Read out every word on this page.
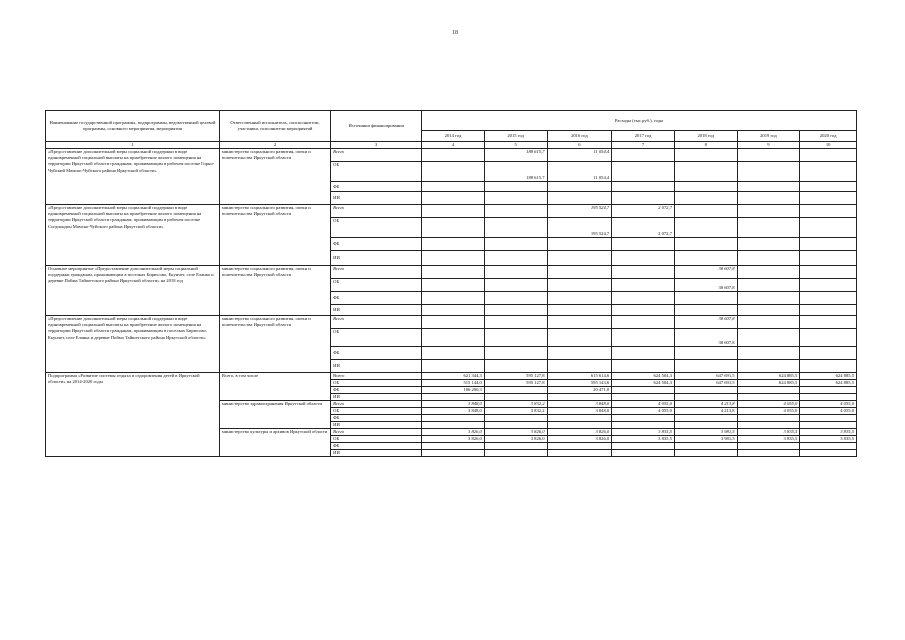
18
Наименование государственной программы, подпрограммы, ведомственной целевой программы, основного мероприятия, мероприятия	Ответственный исполнитель, соисполнители, участники, исполнители мероприятий	Источники финансирования	Расходы (тыс.руб.), годы						
			2014 год	2015 год	2016 год	2017 год	2018 год	2019 год	2020 год
1	2	3	4	5	6	7	8	9	10
«Предоставление дополнительной меры социальной поддержки в виде единовременной социальной выплаты на приобретение жилого помещения на территории Иркутской области гражданам, проживающим в рабочем поселке Горно-Чуйский Мамско-Чуйского района Иркутской области»	министерство социального развития, опеки и попечительства Иркутской области	Всего		188 615,7	11 054,4				
		ОБ		188 615,7	11 054,4				
		ФБ							
		ИИ							
«Предоставление дополнительной меры социальной поддержки в виде единовременной социальной выплаты на приобретение жилого помещения на территории Иркутской области гражданам, проживающим в рабочем поселке Согдиондон Мамско-Чуйского района Иркутской области»	министерство социального развития, опеки и попечительства Иркутской области	Всего			195 524,7	2 072,7			
		ОБ			195 524,7	2 072,7			
		ФБ							
		ИИ							
Основное мероприятие «Предоставление дополнительной меры социальной поддержки гражданам, проживающим в поселках Бирюсово, Екунчет, селе Еланка и деревне Пойма Тайшетского района Иркутской области» на 2018 год	министерство социального развития, опеки и попечительства Иркутской области	Всего					38 607,8		
		ОБ					38 607,8		
		ФБ							
		ИИ							
«Предоставление дополнительной меры социальной поддержки в виде единовременной социальной выплаты на приобретение жилого помещения на территории Иркутской области гражданам, проживающим в поселках Бирюсово, Екунчет, селе Еланка и деревне Пойма Тайшетского района Иркутской области»	министерство социального развития, опеки и попечительства Иркутской области	Всего					38 607,8		
		ОБ					38 607,8		
		ФБ							
		ИИ							
Подпрограмма «Развитие системы отдыха и оздоровления детей в Иркутской области» на 2014-2020 годы	Всего, в том числе	Всего	621 344,3	595 127,8	615 614,6	624 504,3	647 691,5	624 885,5	624 885,5
		ОБ	515 144,0	595 127,8	595 143,6	624 504,3	647 691,5	624 885,5	624 885,5
		ФБ	106 200,3		20 471,0				
		ИИ							
	министерство здравоохранения Иркутской области	Всего	3 848,0	3 832,2	3 848,0	4 055,0	4 213,8	4 055,0	4 055,0
		ОБ	3 848,0	3 832,2	3 848,0	4 055,0	4 213,8	4 055,0	4 055,0
		ФБ							
		ИИ							
	министерство культуры и архивов Иркутской области	Всего	3 826,0	3 826,0	3 826,0	3 835,5	3 981,5	3 835,5	3 835,5
		ОБ	3 826,0	3 826,0	3 826,0	3 835,5	3 981,5	3 835,5	3 835,5
		ФБ							
		ИИ							
